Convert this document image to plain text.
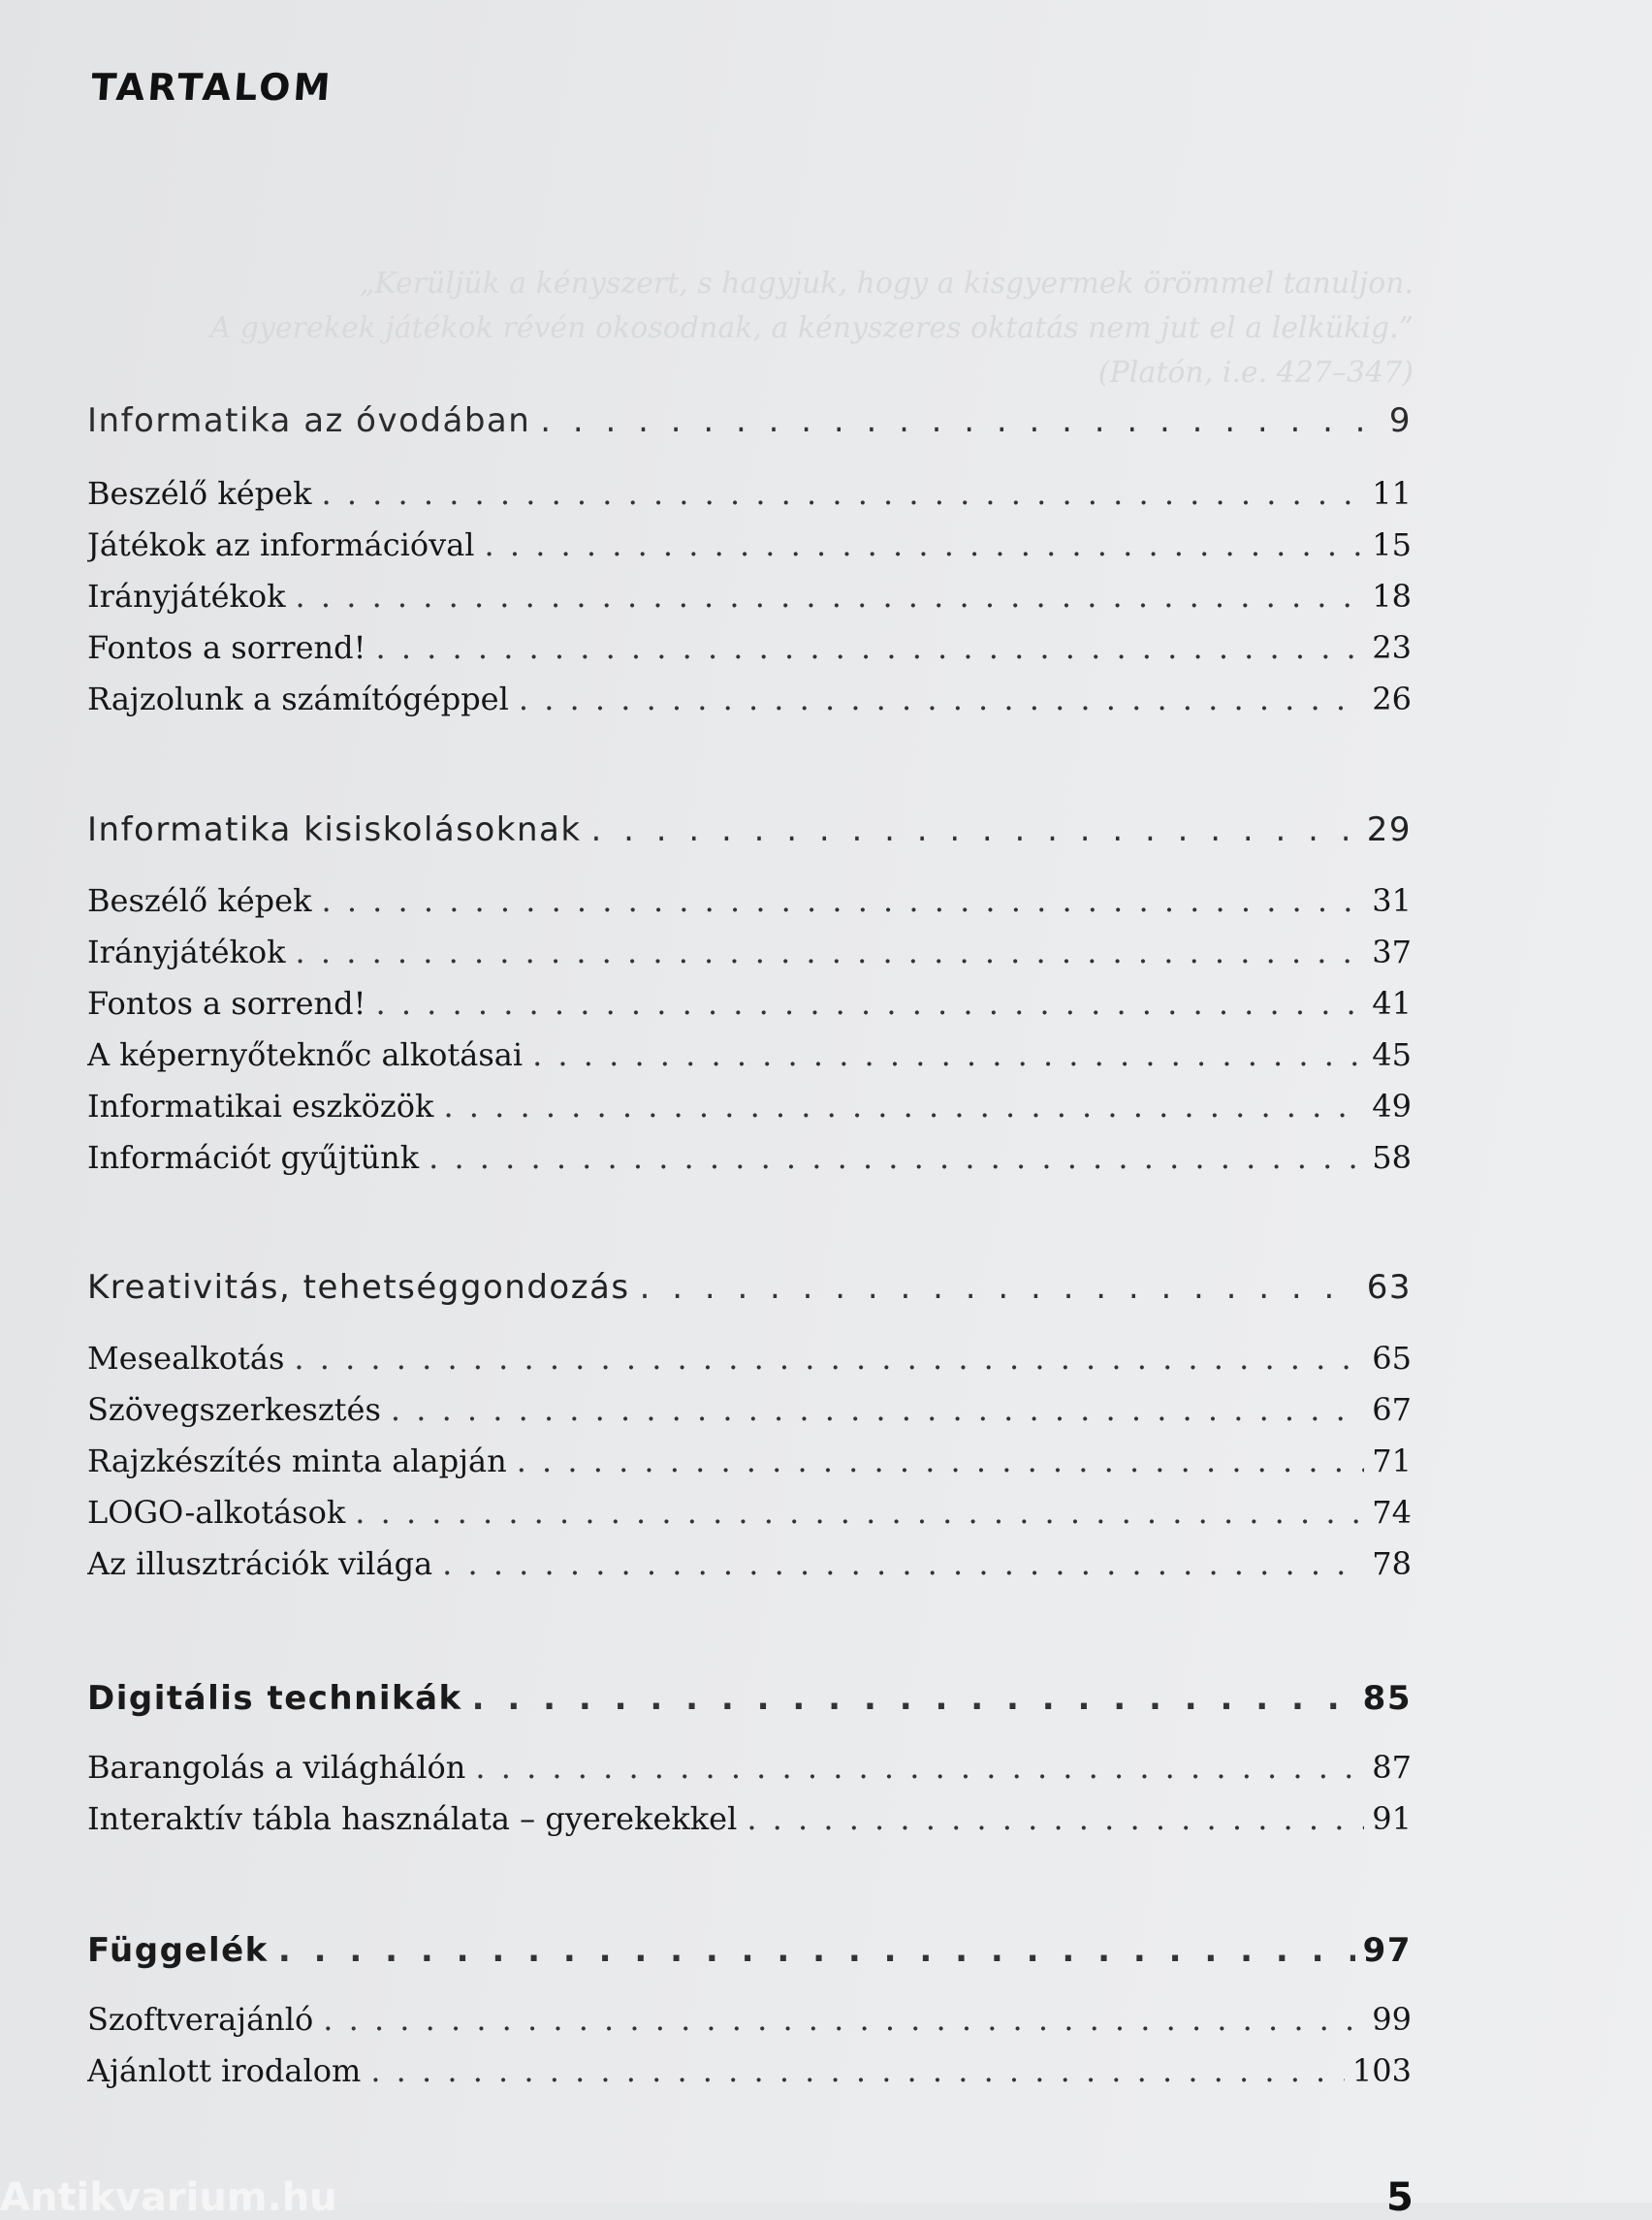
TARTALOM
„Kerüljük a kényszert, s hagyjuk, hogy a kisgyermek örömmel tanuljon.
A gyerekek játékok révén okosodnak, a kényszeres oktatás nem jut el a lelkükig.”
(Platón, i.e. 427–347)
Informatika az óvodában . . .	9
Beszélő képek . . .	11
Játékok az információval . . .	15
Irányjátékok . . .	18
Fontos a sorrend! . . .	23
Rajzolunk a számítógéppel . . .	26
Informatika kisiskolásoknak . . .	29
Beszélő képek . . .	31
Irányjátékok . . .	37
Fontos a sorrend! . . .	41
A képernyőteknőc alkotásai . . .	45
Informatikai eszközök . . .	49
Információt gyűjtünk . . .	58
Kreativitás, tehetséggondozás . . .	63
Mesealkotás . . .	65
Szövegszerkesztés . . .	67
Rajzkészítés minta alapján . . .	71
LOGO-alkotások . . .	74
Az illusztrációk világa . . .	78
Digitális technikák . . .	85
Barangolás a világhálón . . .	87
Interaktív tábla használata – gyerekekkel . . .	91
Függelék . . .	97
Szoftverajánló . . .	99
Ajánlott irodalom . . .	103
5
Antikvarium.hu
